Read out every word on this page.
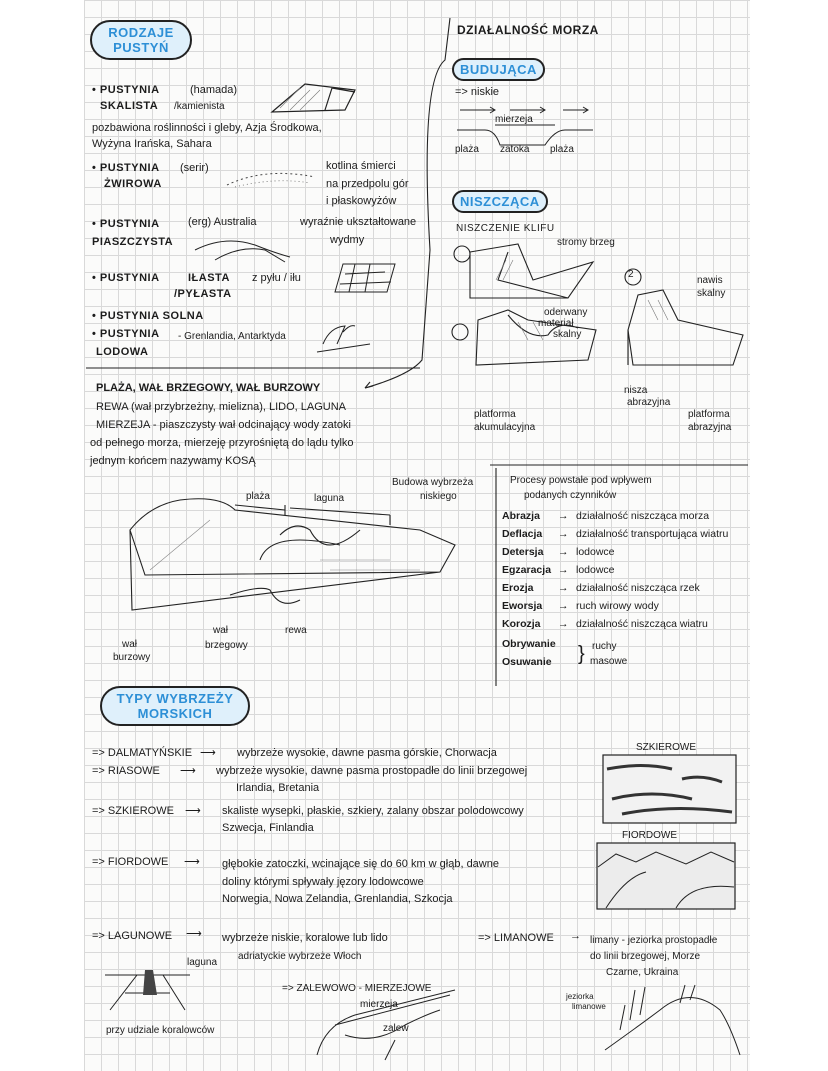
RODZAJE PUSTYŃ
• PUSTYNIA	(hamada)
SKALISTA /kamienista
pozbawiona roślinności i gleby, Azja Środkowa,
Wyżyna Irańska, Sahara
• PUSTYNIA (serir)
ŻWIROWA
kotlina śmierci
na przedpolu gór
i płaskowyżów
• PUSTYNIA	(erg) Australia
PIASZCZYSTA
wyraźnie ukształtowane
wydmy
• PUSTYNIA	IŁASTA
/PYŁASTA
z pyłu / iłu
• PUSTYNIA SOLNA
• PUSTYNIA
LODOWA
- Grenlandia, Antarktyda
DZIAŁALNOŚĆ MORZA
BUDUJĄCA
=> niskie
mierzeja
plaża zatoka plaża
NISZCZĄCA
NISZCZENIE KLIFU
stromy brzeg
2
nawis
skalny
oderwany
materiał
skalny
nisza
abrazyjna
platforma
akumulacyjna
platforma
abrazyjna
PLAŻA, WAŁ BRZEGOWY, WAŁ BURZOWY
REWA (wał przybrzeżny, mielizna), LIDO, LAGUNA
MIERZEJA - piaszczysty wał odcinający wody zatoki
od pełnego morza, mierzeję przyrośniętą do lądu tylko
jednym końcem nazywamy KOSĄ
Budowa wybrzeża
niskiego
plaża	laguna
wał
burzowy
wał
brzegowy
rewa
Procesy powstałe pod wpływem
podanych czynników
Abrazja	→ działalność niszcząca morza
Deflacja	→ działalność transportująca wiatru
Detersja	→ lodowce
Egzaracja → lodowce
Erozja	→ działalność niszcząca rzek
Eworsja	→ ruch wirowy wody
Korozja	→ działalność niszcząca wiatru
Obrywanie
Osuwanie } ruchy
masowe
TYPY WYBRZEŻY
MORSKICH
=> DALMATYŃSKIE ⟶ wybrzeże wysokie, dawne pasma górskie, Chorwacja
=> RIASOWE ⟶ wybrzeże wysokie, dawne pasma prostopadłe do linii brzegowej
Irlandia, Bretania
=> SZKIEROWE ⟶ skaliste wysepki, płaskie, szkiery, zalany obszar polodowcowy
Szwecja, Finlandia
=> FIORDOWE ⟶ głębokie zatoczki, wcinające się do 60 km w głąb, dawne
doliny którymi spływały jęzory lodowcowe
Norwegia, Nowa Zelandia, Grenlandia, Szkocja
SZKIEROWE
FIORDOWE
=> LAGUNOWE ⟶ wybrzeże niskie, koralowe lub lido
adriatyckie wybrzeże Włoch
laguna
przy udziale koralowców
=> ZALEWOWO - MIERZEJOWE
mierzeja
zalew
=> LIMANOWE → limany - jeziorka prostopadłe
do linii brzegowej, Morze
Czarne, Ukraina
jeziorka
limanowe
